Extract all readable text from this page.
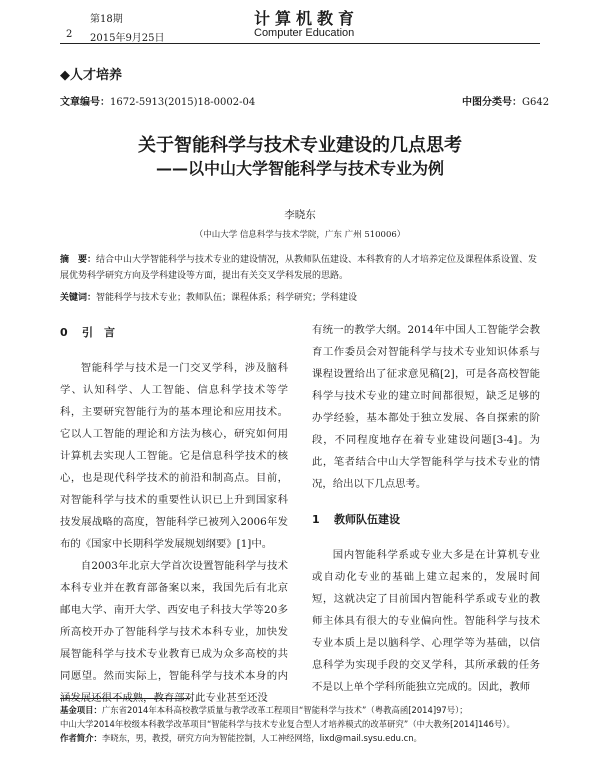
第18期
2 2015年9月25日
计算机教育
Computer Education
◆人才培养
文章编号：1672-5913(2015)18-0002-04	中图分类号：G642
关于智能科学与技术专业建设的几点思考
——以中山大学智能科学与技术专业为例
李晓东
（中山大学 信息科学与技术学院，广东 广州 510006）
摘　要：结合中山大学智能科学与技术专业的建设情况，从教师队伍建设、本科教育的人才培养定位及课程体系设置、发展优势科学研究方向及学科建设等方面，提出有关交叉学科发展的思路。
关键词：智能科学与技术专业；教师队伍；课程体系；科学研究；学科建设
0 引　言

智能科学与技术是一门交叉学科，涉及脑科学、认知科学、人工智能、信息科学技术等学科，主要研究智能行为的基本理论和应用技术。它以人工智能的理论和方法为核心，研究如何用计算机去实现人工智能。它是信息科学技术的核心，也是现代科学技术的前沿和制高点。目前，对智能科学与技术的重要性认识已上升到国家科技发展战略的高度，智能科学已被列入2006年发布的《国家中长期科学发展规划纲要》[1]中。

自2003年北京大学首次设置智能科学与技术本科专业并在教育部备案以来，我国先后有北京邮电大学、南开大学、西安电子科技大学等20多所高校开办了智能科学与技术本科专业，加快发展智能科学与技术专业教育已成为众多高校的共同愿望。然而实际上，智能科学与技术本身的内涵发展还很不成熟，教育部对此专业甚至还没

有统一的教学大纲。2014年中国人工智能学会教育工作委员会对智能科学与技术专业知识体系与课程设置给出了征求意见稿[2]，可是各高校智能科学与技术专业的建立时间都很短，缺乏足够的办学经验，基本都处于独立发展、各自探索的阶段，不同程度地存在着专业建设问题[3-4]。为此，笔者结合中山大学智能科学与技术专业的情况，给出以下几点思考。

1 教师队伍建设

国内智能科学系或专业大多是在计算机专业或自动化专业的基础上建立起来的，发展时间短，这就决定了目前国内智能科学系或专业的教师主体具有很大的专业偏向性。智能科学与技术专业本质上是以脑科学、心理学等为基础，以信息科学为实现手段的交叉学科，其所承载的任务不是以上单个学科所能独立完成的。因此，教师

基金项目：广东省2014年本科高校教学质量与教学改革工程项目“智能科学与技术”（粤教高函[2014]97号）；
中山大学2014年校级本科教学改革项目“智能科学与技术专业复合型人才培养模式的改革研究”（中大教务[2014]146号）。
作者简介：李晓东，男，教授，研究方向为智能控制，人工神经网络，lixd@mail.sysu.edu.cn。
